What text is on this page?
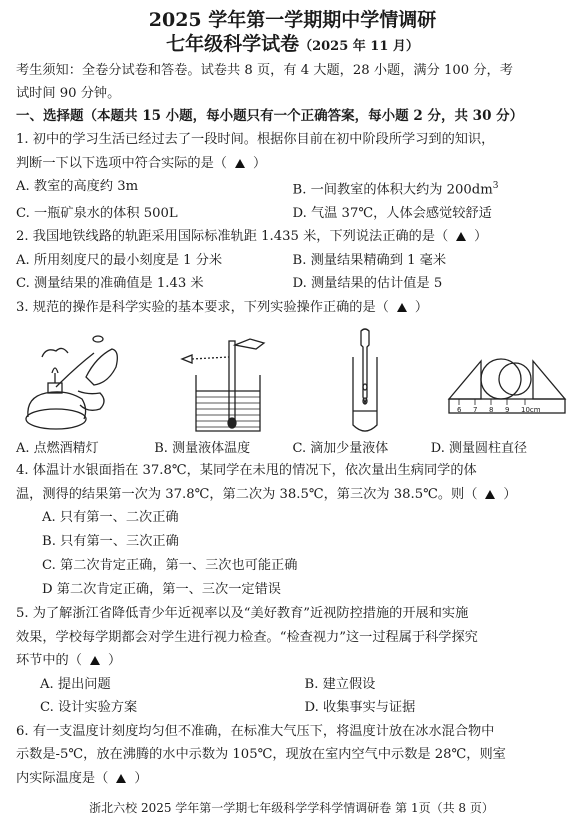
2025 学年第一学期期中学情调研
七年级科学试卷（2025 年 11 月）
考生须知：全卷分试卷和答卷。试卷共 8 页，有 4 大题，28 小题，满分 100 分，考
试时间 90 分钟。
一、选择题（本题共 15 小题，每小题只有一个正确答案，每小题 2 分，共 30 分）
1. 初中的学习生活已经过去了一段时间。根据你目前在初中阶段所学习到的知识，
判断一下以下选项中符合实际的是（ ）
A. 教室的高度约 3m	B. 一间教室的体积大约为 $200dm^3$
C. 一瓶矿泉水的体积 500L	D. 气温 37℃，人体会感觉较舒适
2. 我国地铁线路的轨距采用国际标准轨距 1.435 米，下列说法正确的是（ ）
A. 所用刻度尺的最小刻度是 1 分米	B. 测量结果精确到 1 毫米
C. 测量结果的准确值是 1.43 米	D. 测量结果的估计值是 5
3. 规范的操作是科学实验的基本要求，下列实验操作正确的是（ ）
6 7 8 9 10cm
A. 点燃酒精灯	B. 测量液体温度	C. 滴加少量液体	D. 测量圆柱直径
4. 体温计水银面指在 37.8℃，某同学在未甩的情况下，依次量出生病同学的体
温，测得的结果第一次为 37.8℃，第二次为 38.5℃，第三次为 38.5℃。则（ ）
A. 只有第一、二次正确
B. 只有第一、三次正确
C. 第二次肯定正确，第一、三次也可能正确
D 第二次肯定正确，第一、三次一定错误
5. 为了解浙江省降低青少年近视率以及“美好教育”近视防控措施的开展和实施
效果，学校每学期都会对学生进行视力检查。“检查视力”这一过程属于科学探究
环节中的（ ）
A. 提出问题	B. 建立假设
C. 设计实验方案	D. 收集事实与证据
6. 有一支温度计刻度均匀但不准确，在标准大气压下，将温度计放在冰水混合物中
示数是-5℃，放在沸腾的水中示数为 105℃，现放在室内空气中示数是 28℃，则室
内实际温度是（ ）
浙北六校 2025 学年第一学期七年级科学学科学情调研卷 第 1页（共 8 页）
